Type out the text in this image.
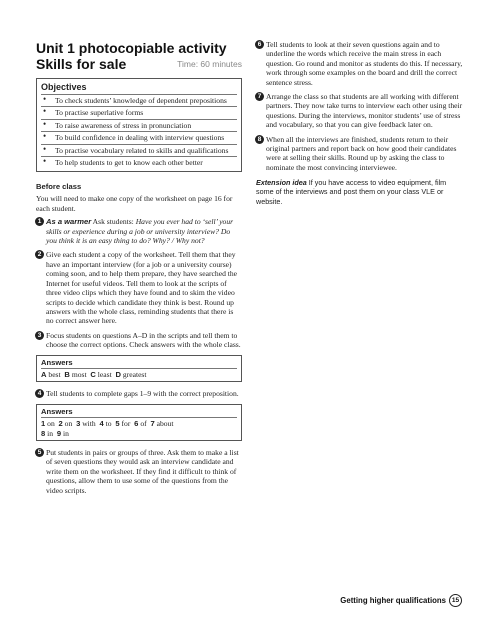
Unit 1 photocopiable activity
Skills for sale	Time: 60 minutes
Objectives
• To check students’ knowledge of dependent prepositions
• To practise superlative forms
• To raise awareness of stress in pronunciation
• To build confidence in dealing with interview questions
• To practise vocabulary related to skills and qualifications
• To help students to get to know each other better
Before class

You will need to make one copy of the worksheet on page 16 for each student.

1 As a warmer Ask students: Have you ever had to ‘sell’ your skills or experience during a job or university interview? Do you think it is an easy thing to do? Why? / Why not?
2 Give each student a copy of the worksheet. Tell them that they have an important interview (for a job or a university course) coming soon, and to help them prepare, they have searched the Internet for useful videos. Tell them to look at the scripts of three video clips which they have found and to skim the video scripts to decide which candidate they think is best. Round up answers with the whole class, reminding students that there is no correct answer here.
3 Focus students on questions A–D in the scripts and tell them to choose the correct options. Check answers with the whole class.
Answers
A best B most C least D greatest
4 Tell students to complete gaps 1–9 with the correct preposition.
Answers
1 on 2 on 3 with 4 to 5 for 6 of 7 about
8 in 9 in
5 Put students in pairs or groups of three. Ask them to make a list of seven questions they would ask an interview candidate and write them on the worksheet. If they find it difficult to think of questions, allow them to use some of the questions from the video scripts.
6 Tell students to look at their seven questions again and to underline the words which receive the main stress in each question. Go round and monitor as students do this. If necessary, work through some examples on the board and drill the correct sentence stress.
7 Arrange the class so that students are all working with different partners. They now take turns to interview each other using their questions. During the interviews, monitor students’ use of stress and vocabulary, so that you can give feedback later on.
8 When all the interviews are finished, students return to their original partners and report back on how good their candidates were at selling their skills. Round up by asking the class to nominate the most convincing interviewee.

Extension idea If you have access to video equipment, film some of the interviews and post them on your class VLE or website.

Getting higher qualifications 15
